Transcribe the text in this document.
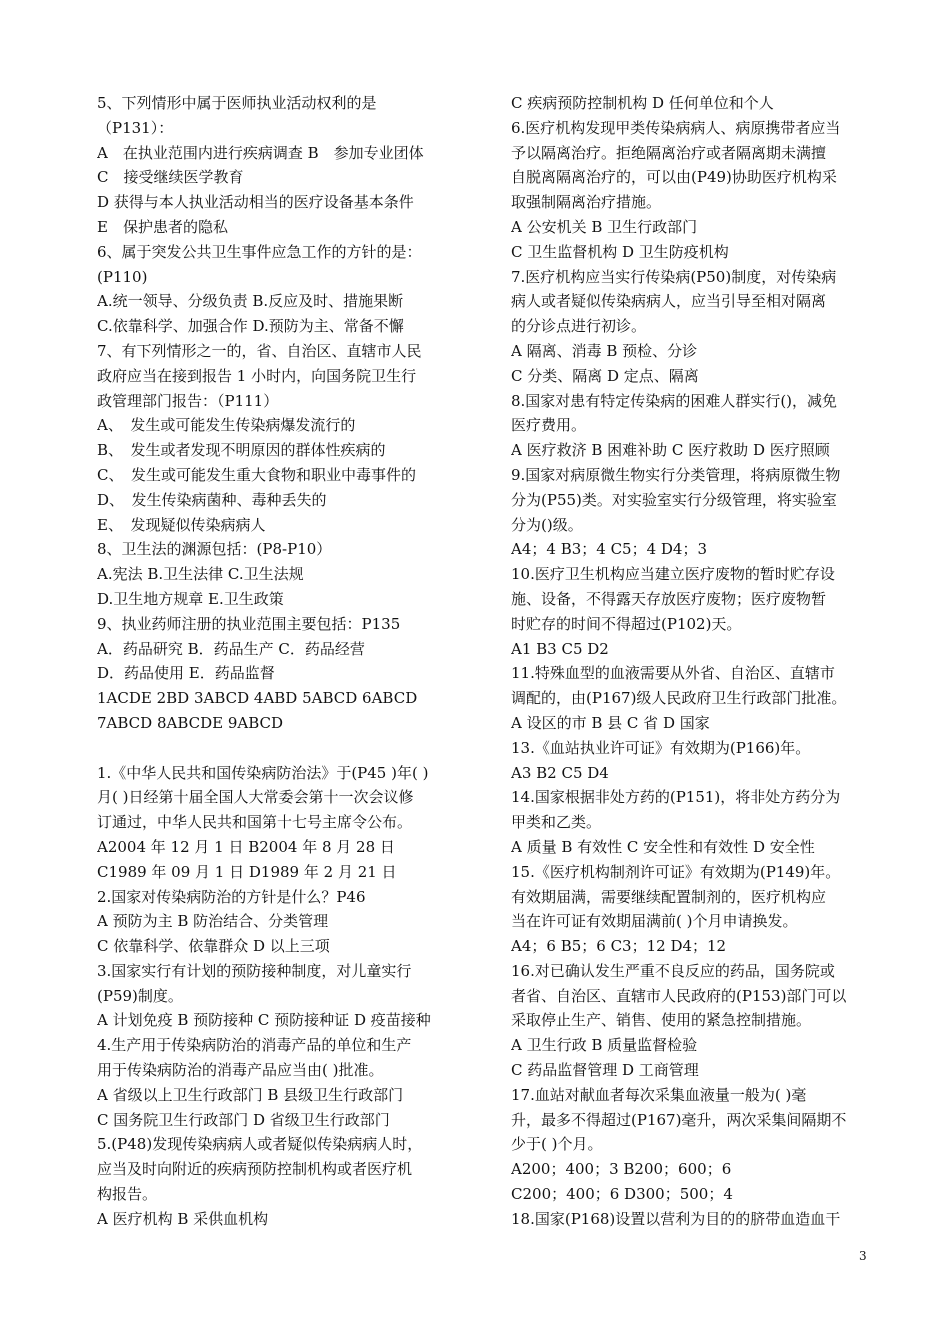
5、下列情形中属于医师执业活动权利的是
（P131）：
A　在执业范围内进行疾病调查 B　参加专业团体
C　接受继续医学教育
D 获得与本人执业活动相当的医疗设备基本条件
E　保护患者的隐私
6、属于突发公共卫生事件应急工作的方针的是：
(P110)
A.统一领导、分级负责 B.反应及时、措施果断
C.依靠科学、加强合作 D.预防为主、常备不懈
7、有下列情形之一的，省、自治区、直辖市人民
政府应当在接到报告 1 小时内，向国务院卫生行
政管理部门报告：（P111）
A、　发生或可能发生传染病爆发流行的
B、　发生或者发现不明原因的群体性疾病的
C、　发生或可能发生重大食物和职业中毒事件的
D、　发生传染病菌种、毒种丢失的
E、　发现疑似传染病病人
8、卫生法的渊源包括：(P8-P10）
A.宪法 B.卫生法律 C.卫生法规
D.卫生地方规章 E.卫生政策
9、执业药师注册的执业范围主要包括：P135
A．药品研究 B．药品生产 C．药品经营
D．药品使用 E．药品监督
1ACDE 2BD 3ABCD 4ABD 5ABCD 6ABCD
7ABCD 8ABCDE 9ABCD
1.《中华人民共和国传染病防治法》于(P45 )年( )
月( )日经第十届全国人大常委会第十一次会议修
订通过，中华人民共和国第十七号主席令公布。
A2004 年 12 月 1 日 B2004 年 8 月 28 日
C1989 年 09 月 1 日 D1989 年 2 月 21 日
2.国家对传染病防治的方针是什么？P46
A 预防为主 B 防治结合、分类管理
C 依靠科学、依靠群众 D 以上三项
3.国家实行有计划的预防接种制度，对儿童实行
(P59)制度。
A 计划免疫 B 预防接种 C 预防接种证 D 疫苗接种
4.生产用于传染病防治的消毒产品的单位和生产
用于传染病防治的消毒产品应当由( )批准。
A 省级以上卫生行政部门 B 县级卫生行政部门
C 国务院卫生行政部门 D 省级卫生行政部门
5.(P48)发现传染病病人或者疑似传染病病人时，
应当及时向附近的疾病预防控制机构或者医疗机
构报告。
A 医疗机构 B 采供血机构
C 疾病预防控制机构 D 任何单位和个人
6.医疗机构发现甲类传染病病人、病原携带者应当
予以隔离治疗。拒绝隔离治疗或者隔离期未满擅
自脱离隔离治疗的，可以由(P49)协助医疗机构采
取强制隔离治疗措施。
A 公安机关 B 卫生行政部门
C 卫生监督机构 D 卫生防疫机构
7.医疗机构应当实行传染病(P50)制度，对传染病
病人或者疑似传染病病人，应当引导至相对隔离
的分诊点进行初诊。
A 隔离、消毒 B 预检、分诊
C 分类、隔离 D 定点、隔离
8.国家对患有特定传染病的困难人群实行()，减免
医疗费用。
A 医疗救济 B 困难补助 C 医疗救助 D 医疗照顾
9.国家对病原微生物实行分类管理，将病原微生物
分为(P55)类。对实验室实行分级管理，将实验室
分为()级。
A4；4 B3；4 C5；4 D4；3
10.医疗卫生机构应当建立医疗废物的暂时贮存设
施、设备，不得露天存放医疗废物；医疗废物暂
时贮存的时间不得超过(P102)天。
A1 B3 C5 D2
11.特殊血型的血液需要从外省、自治区、直辖市
调配的，由(P167)级人民政府卫生行政部门批准。
A 设区的市 B 县 C 省 D 国家
13.《血站执业许可证》有效期为(P166)年。
A3 B2 C5 D4
14.国家根据非处方药的(P151)，将非处方药分为
甲类和乙类。
A 质量 B 有效性 C 安全性和有效性 D 安全性
15.《医疗机构制剂许可证》有效期为(P149)年。
有效期届满，需要继续配置制剂的，医疗机构应
当在许可证有效期届满前( )个月申请换发。
A4；6 B5；6 C3；12 D4；12
16.对已确认发生严重不良反应的药品，国务院或
者省、自治区、直辖市人民政府的(P153)部门可以
采取停止生产、销售、使用的紧急控制措施。
A 卫生行政 B 质量监督检验
C 药品监督管理 D 工商管理
17.血站对献血者每次采集血液量一般为( )毫
升，最多不得超过(P167)毫升，两次采集间隔期不
少于( )个月。
A200；400；3 B200；600；6
C200；400；6 D300；500；4
18.国家(P168)设置以营利为目的的脐带血造血干
3
